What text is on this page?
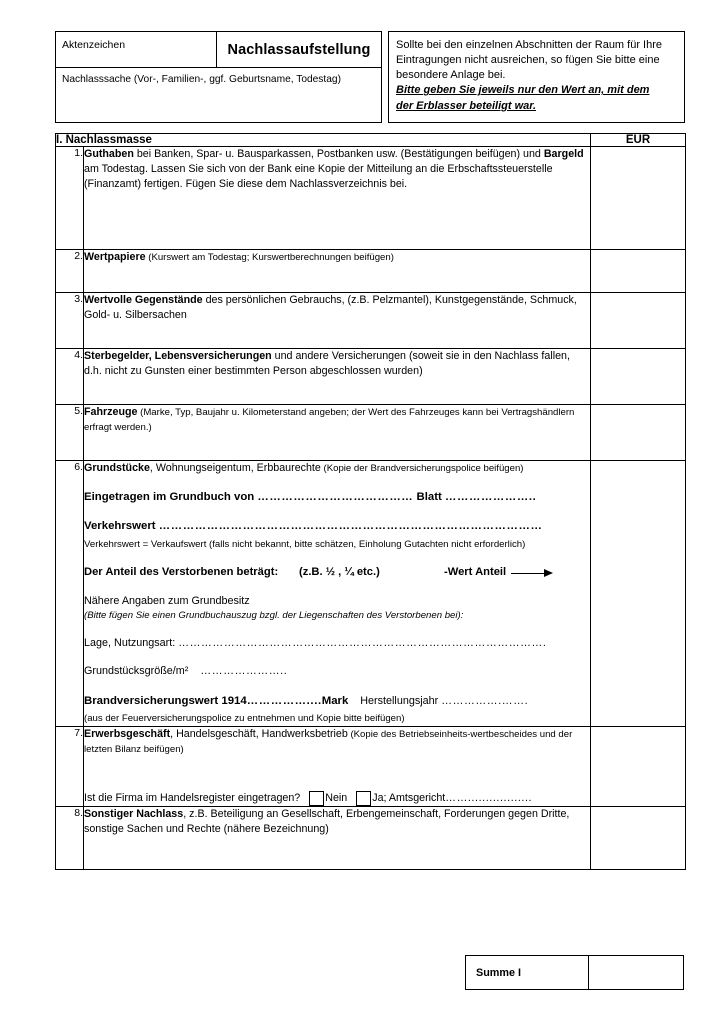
Aktenzeichen	Nachlassaufstellung
Nachlasssache (Vor-, Familien-, ggf. Geburtsname, Todestag)
Sollte bei den einzelnen Abschnitten der Raum für Ihre Eintragungen nicht ausreichen, so fügen Sie bitte eine besondere Anlage bei.
Bitte geben Sie jeweils nur den Wert an, mit dem
der Erblasser beteiligt war.
I. Nachlassmasse		EUR
1.	Guthaben bei Banken, Spar- u. Bausparkassen, Postbanken usw. (Bestätigungen beifügen) und Bargeld am Todestag. Lassen Sie sich von der Bank eine Kopie der Mitteilung an die Erbschaftssteuerstelle (Finanzamt) fertigen. Fügen Sie diese dem Nachlassverzeichnis bei.	
2.	Wertpapiere (Kurswert am Todestag; Kurswertberechnungen beifügen)	
3.	Wertvolle Gegenstände des persönlichen Gebrauchs, (z.B. Pelzmantel), Kunstgegenstände, Schmuck, Gold- u. Silbersachen	
4.	Sterbegelder, Lebensversicherungen und andere Versicherungen (soweit sie in den Nachlass fallen, d.h. nicht zu Gunsten einer bestimmten Person abgeschlossen wurden)	
5.	Fahrzeuge (Marke, Typ, Baujahr u. Kilometerstand angeben; der Wert des Fahrzeuges kann bei Vertragshändlern erfragt werden.)	
6.	Grundstücke, Wohnungseigentum, Erbbaurechte (Kopie der Brandversicherungspolice beifügen)
Eingetragen im Grundbuch von ………………………………… Blatt …………………..
Verkehrswert ……………………………………………………………………………………
Verkehrswert = Verkaufswert (falls nicht bekannt, bitte schätzen, Einholung Gutachten nicht erforderlich)
Der Anteil des Verstorbenen beträgt:	(z.B. ½ , ¼ etc.)	-Wert Anteil
Nähere Angaben zum Grundbesitz
(Bitte fügen Sie einen Grundbuchauszug bzgl. der Liegenschaften des Verstorbenen bei):
Lage, Nutzungsart: …………………………………………………………………………………….
Grundstücksgröße/m² …………………..
Brandversicherungswert 1914……………....Mark Herstellungsjahr …………….…….
(aus der Feuerversicherungspolice zu entnehmen und Kopie bitte beifügen)

7.	Erwerbsgeschäft, Handelsgeschäft, Handwerksbetrieb (Kopie des Betriebseinheits-wertbescheides und der letzten Bilanz beifügen)
Ist die Firma im Handelsregister eingetragen? Nein Ja; Amtsgericht ……..................	

8.	Sonstiger Nachlass, z.B. Beteiligung an Gesellschaft, Erbengemeinschaft, Forderungen gegen Dritte, sonstige Sachen und Rechte (nähere Bezeichnung)	
Summe I
